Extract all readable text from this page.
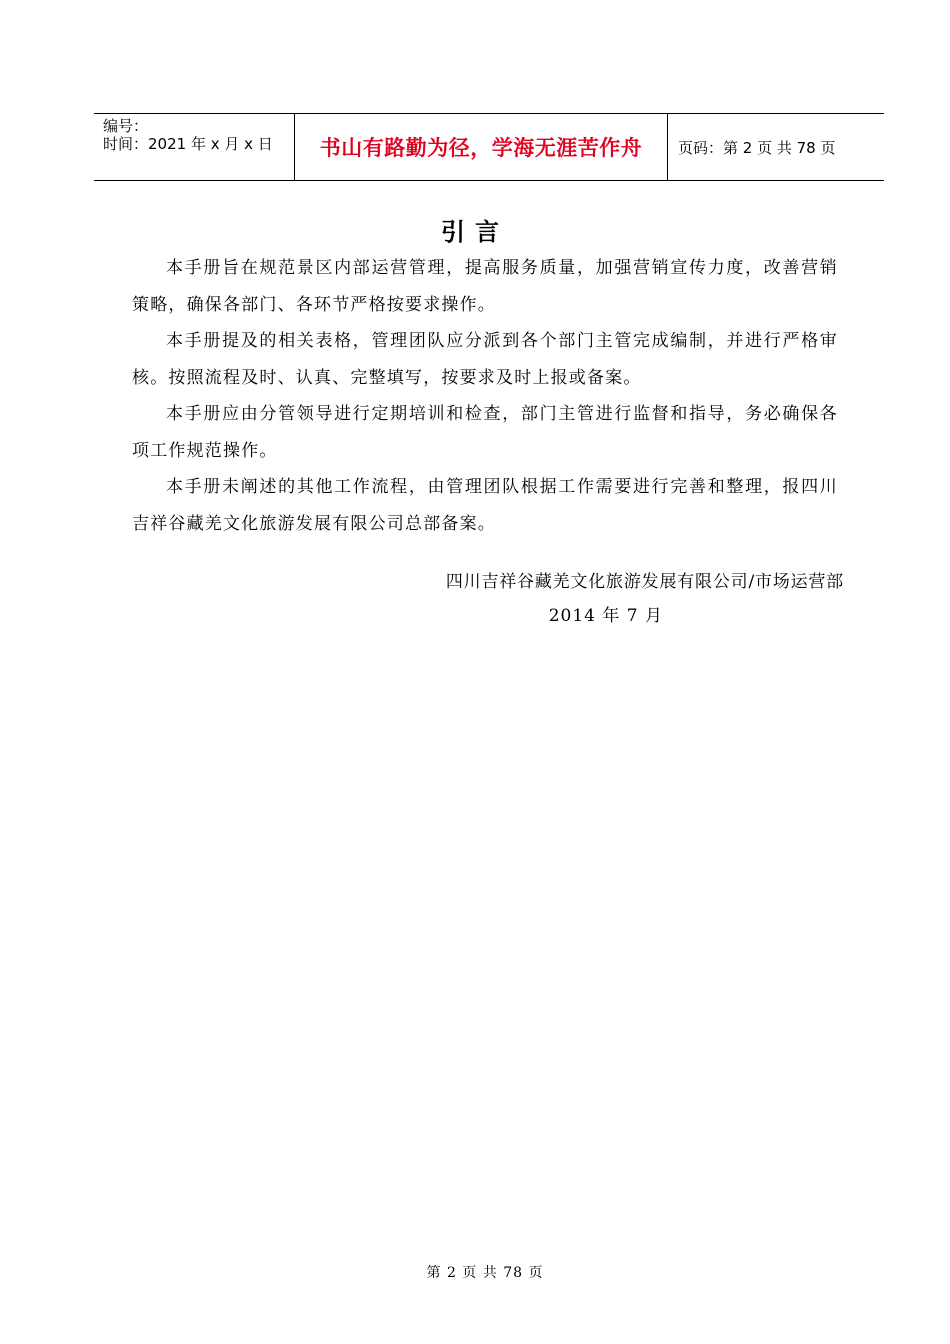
编号：
时间：2021 年 x 月 x 日	书山有路勤为径，学海无涯苦作舟	页码：第 2 页 共 78 页
引言

本手册旨在规范景区内部运营管理，提高服务质量，加强营销宣传力度，改善营销策略，确保各部门、各环节严格按要求操作。

本手册提及的相关表格，管理团队应分派到各个部门主管完成编制，并进行严格审核。按照流程及时、认真、完整填写，按要求及时上报或备案。

本手册应由分管领导进行定期培训和检查，部门主管进行监督和指导，务必确保各项工作规范操作。

本手册未阐述的其他工作流程，由管理团队根据工作需要进行完善和整理，报四川吉祥谷藏羌文化旅游发展有限公司总部备案。

四川吉祥谷藏羌文化旅游发展有限公司/市场运营部
2014 年 7 月
第 2 页 共 78 页
